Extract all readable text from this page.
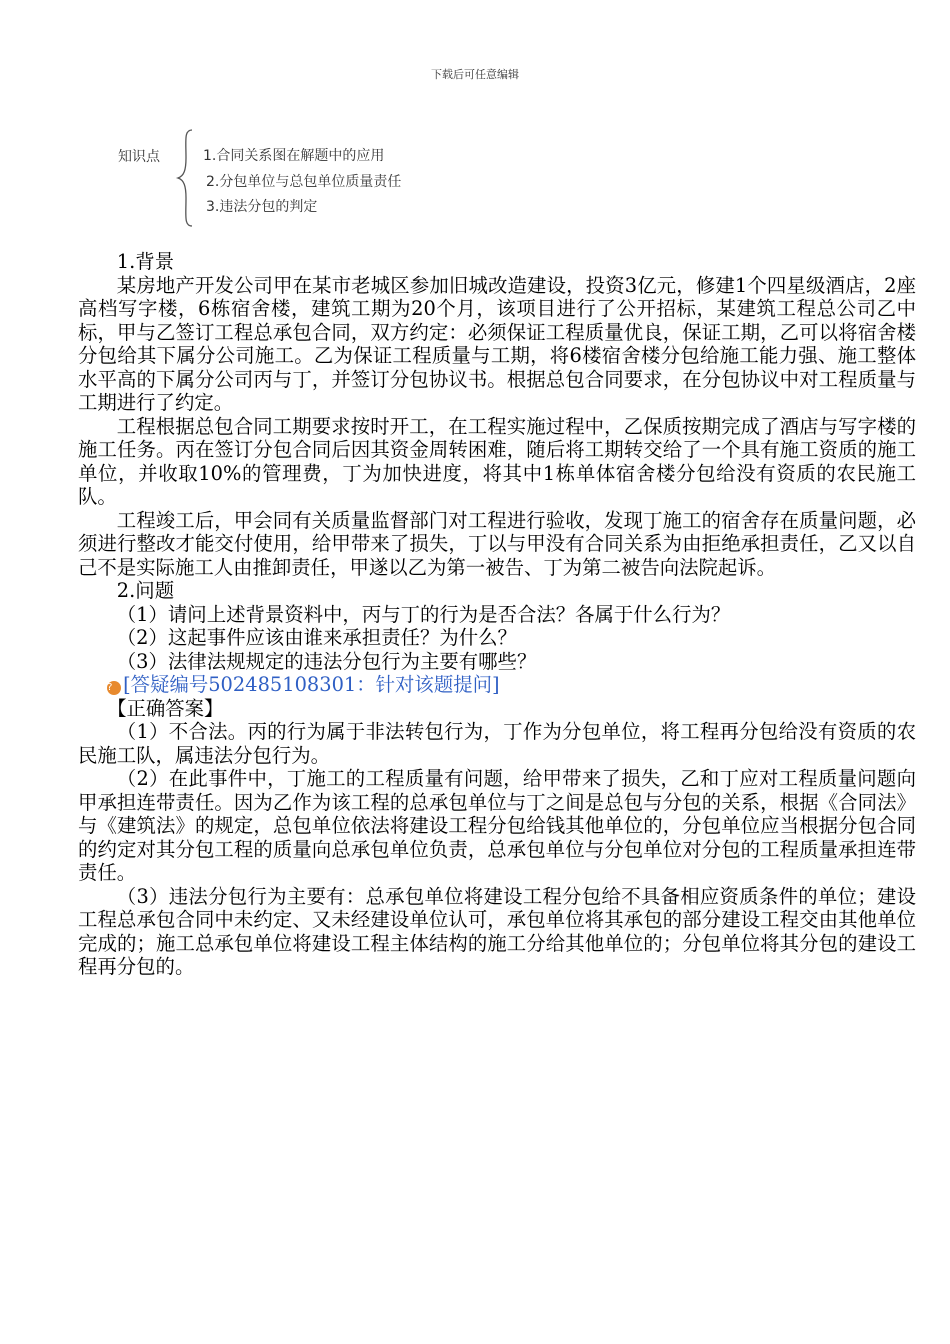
下载后可任意编辑
知识点	1.合同关系图在解题中的应用
2.分包单位与总包单位质量责任
3.违法分包的判定

1.背景

某房地产开发公司甲在某市老城区参加旧城改造建设，投资3亿元，修建1个四星级酒店，2座高档写字楼，6栋宿舍楼，建筑工期为20个月，该项目进行了公开招标，某建筑工程总公司乙中标，甲与乙签订工程总承包合同，双方约定：必须保证工程质量优良，保证工期，乙可以将宿舍楼分包给其下属分公司施工。乙为保证工程质量与工期，将6楼宿舍楼分包给施工能力强、施工整体水平高的下属分公司丙与丁，并签订分包协议书。根据总包合同要求，在分包协议中对工程质量与工期进行了约定。

工程根据总包合同工期要求按时开工，在工程实施过程中，乙保质按期完成了酒店与写字楼的施工任务。丙在签订分包合同后因其资金周转困难，随后将工期转交给了一个具有施工资质的施工单位，并收取10%的管理费，丁为加快进度，将其中1栋单体宿舍楼分包给没有资质的农民施工队。

工程竣工后，甲会同有关质量监督部门对工程进行验收，发现丁施工的宿舍存在质量问题，必须进行整改才能交付使用，给甲带来了损失，丁以与甲没有合同关系为由拒绝承担责任，乙又以自己不是实际施工人由推卸责任，甲遂以乙为第一被告、丁为第二被告向法院起诉。

2.问题

（1）请问上述背景资料中，丙与丁的行为是否合法？各属于什么行为？

（2）这起事件应该由谁来承担责任？为什么？

（3）法律法规规定的违法分包行为主要有哪些？

? [答疑编号502485108301：针对该题提问]

【正确答案】

（1）不合法。丙的行为属于非法转包行为，丁作为分包单位，将工程再分包给没有资质的农民施工队，属违法分包行为。

（2）在此事件中，丁施工的工程质量有问题，给甲带来了损失，乙和丁应对工程质量问题向甲承担连带责任。因为乙作为该工程的总承包单位与丁之间是总包与分包的关系，根据《合同法》与《建筑法》的规定，总包单位依法将建设工程分包给钱其他单位的，分包单位应当根据分包合同的约定对其分包工程的质量向总承包单位负责，总承包单位与分包单位对分包的工程质量承担连带责任。

（3）违法分包行为主要有：总承包单位将建设工程分包给不具备相应资质条件的单位；建设工程总承包合同中未约定、又未经建设单位认可，承包单位将其承包的部分建设工程交由其他单位完成的；施工总承包单位将建设工程主体结构的施工分给其他单位的；分包单位将其分包的建设工程再分包的。
